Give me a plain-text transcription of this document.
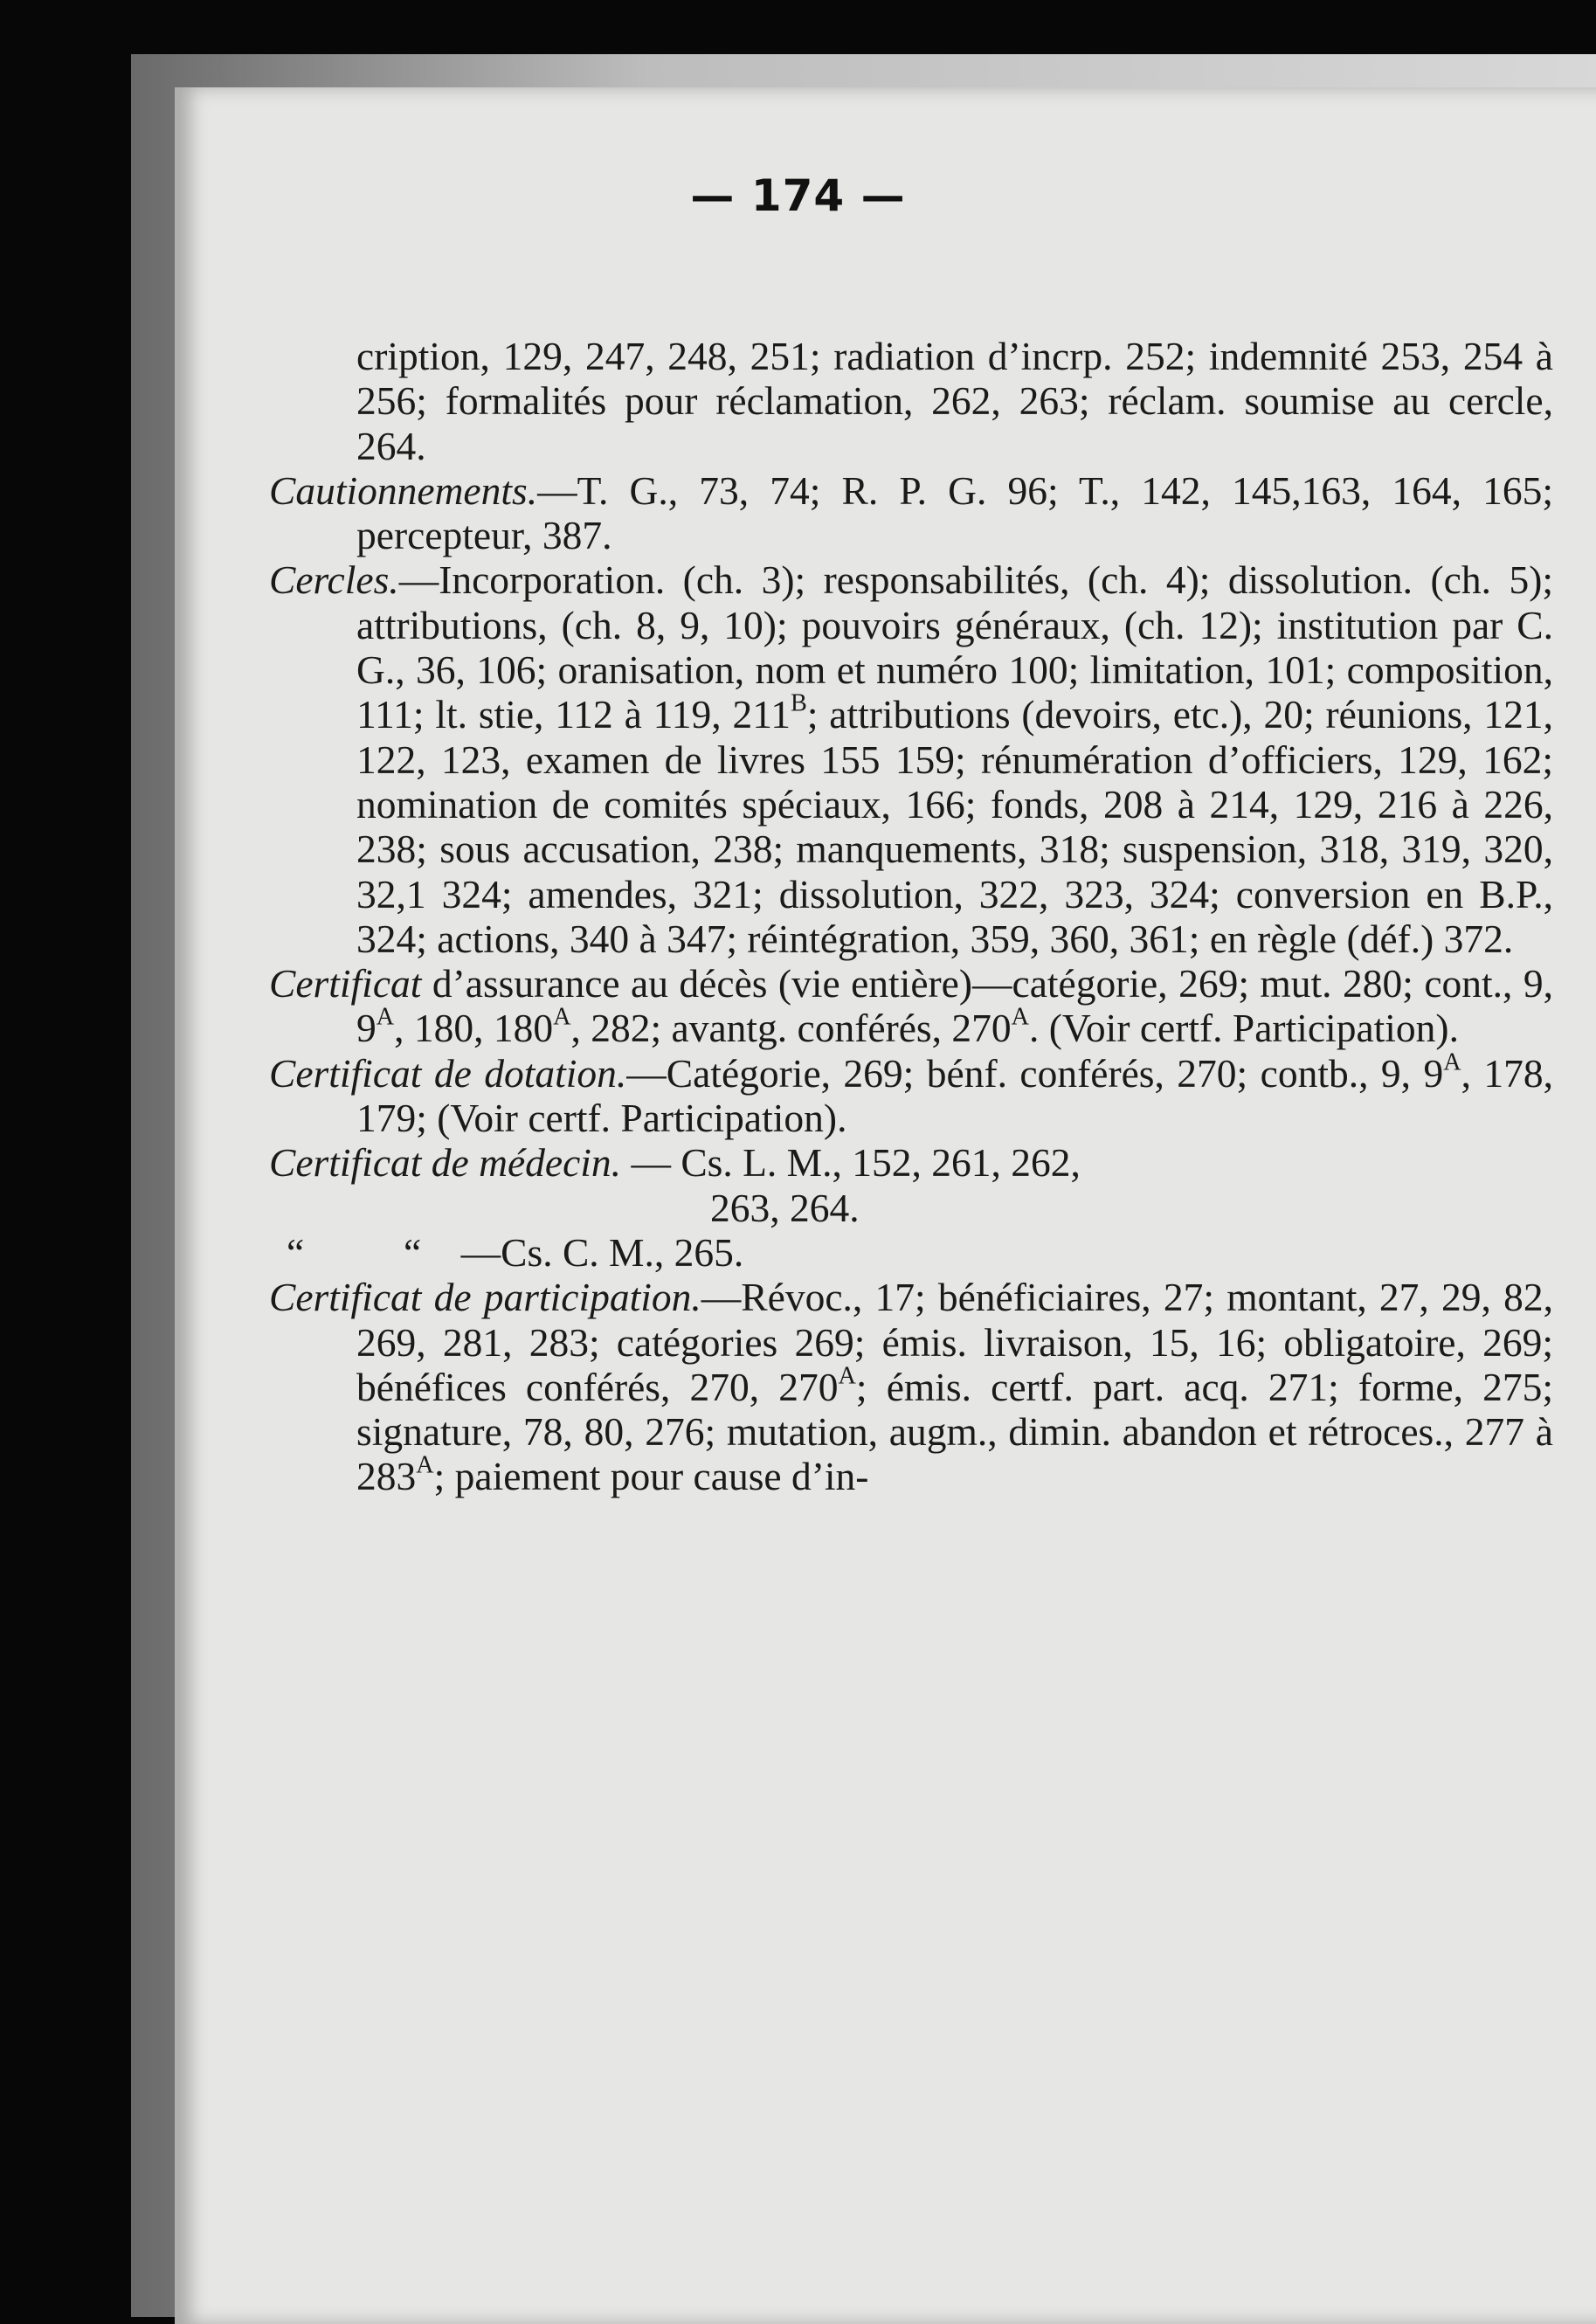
— 174 —

cription, 129, 247, 248, 251; radiation d’incrp. 252; indemnité 253, 254 à 256; formalités pour réclamation, 262, 263; réclam. soumise au cercle, 264.

Cautionnements.—T. G., 73, 74; R. P. G. 96; T., 142, 145,163, 164, 165; percepteur, 387.

Cercles.—Incorporation. (ch. 3); responsabilités, (ch. 4); dissolution. (ch. 5); attributions, (ch. 8, 9, 10); pouvoirs généraux, (ch. 12); institution par C. G., 36, 106; oranisation, nom et numéro 100; limitation, 101; composition, 111; lt. stie, 112 à 119, $211^B$; attributions (devoirs, etc.), 20; réunions, 121, 122, 123, examen de livres 155 159; rénumération d’officiers, 129, 162; nomination de comités spéciaux, 166; fonds, 208 à 214, 129, 216 à 226, 238; sous accusation, 238; manquements, 318; suspension, 318, 319, 320, 32,1 324; amendes, 321; dissolution, 322, 323, 324; conversion en B.P., 324; actions, 340 à 347; réintégration, 359, 360, 361; en règle (déf.) 372.

Certificat d’assurance au décès (vie entière)—catégorie, 269; mut. 280; cont., 9, $9^A$, 180, $180^A$, 282; avantg. conférés, $270^A$. (Voir certf. Participation).

Certificat de dotation.—Catégorie, 269; bénf. conférés, 270; contb., 9, $9^A$, 178, 179; (Voir certf. Participation).

Certificat de médecin. — Cs. L. M., 152, 261, 262,
263, 264.
“          “    —Cs. C. M., 265.

Certificat de participation.—Révoc., 17; bénéficiaires, 27; montant, 27, 29, 82, 269, 281, 283; catégories 269; émis. livraison, 15, 16; obligatoire, 269; bénéfices conférés, 270, $270^A$; émis. certf. part. acq. 271; forme, 275; signature, 78, 80, 276; mutation, augm., dimin. abandon et rétroces., 277 à $283^A$; paiement pour cause d’in-
